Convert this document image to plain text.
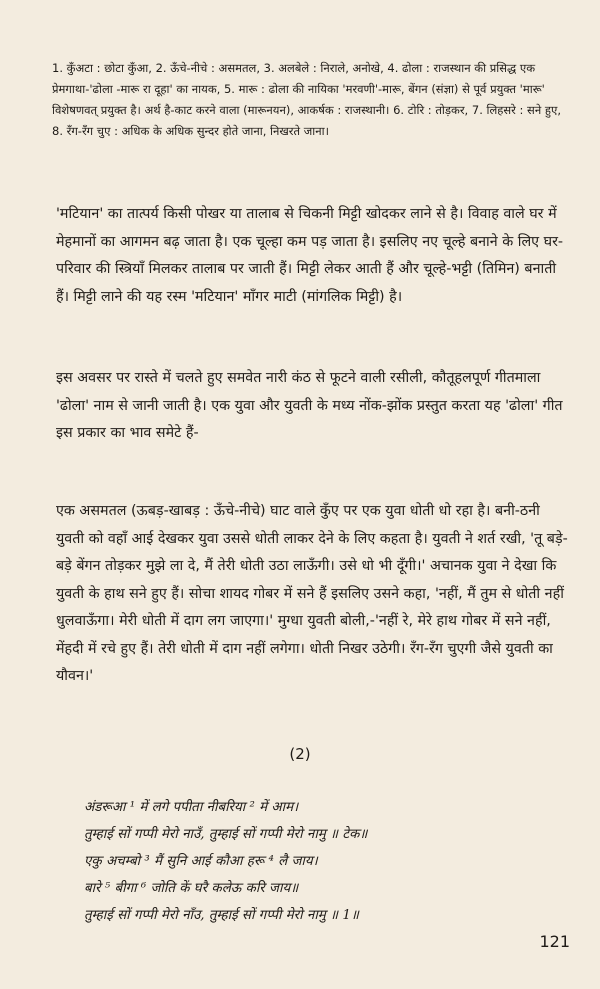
1. कुँअटा : छोटा कुँआ, 2. ऊँचे-नीचे : असमतल, 3. अलबेले : निराले, अनोखे, 4. ढोला : राजस्थान की प्रसिद्ध एक प्रेमगाथा-'ढोला -मारू रा दूहा' का नायक, 5. मारू : ढोला की नायिका 'मरवणी'-मारू, बेंगन (संज्ञा) से पूर्व प्रयुक्त 'मारू' विशेषणवत् प्रयुक्त है। अर्थ है-काट करने वाला (मारूनयन), आकर्षक : राजस्थानी। 6. टोरि : तोड़कर, 7. लिहसरे : सने हुए, 8. रँग-रँग चुए : अधिक के अधिक सुन्दर होते जाना, निखरते जाना।

'मटियान' का तात्पर्य किसी पोखर या तालाब से चिकनी मिट्टी खोदकर लाने से है। विवाह वाले घर में मेहमानों का आगमन बढ़ जाता है। एक चूल्हा कम पड़ जाता है। इसलिए नए चूल्हे बनाने के लिए घर-परिवार की स्त्रियाँ मिलकर तालाब पर जाती हैं। मिट्टी लेकर आती हैं और चूल्हे-भट्टी (तिमिन) बनाती हैं। मिट्टी लाने की यह रस्म 'मटियान' माँगर माटी (मांगलिक मिट्टी) है।

इस अवसर पर रास्ते में चलते हुए समवेत नारी कंठ से फूटने वाली रसीली, कौतूहलपूर्ण गीतमाला 'ढोला' नाम से जानी जाती है। एक युवा और युवती के मध्य नोंक-झोंक प्रस्तुत करता यह 'ढोला' गीत इस प्रकार का भाव समेटे हैं-

एक असमतल (ऊबड़-खाबड़ : ऊँचे-नीचे) घाट वाले कुँए पर एक युवा धोती धो रहा है। बनी-ठनी युवती को वहाँ आई देखकर युवा उससे धोती लाकर देने के लिए कहता है। युवती ने शर्त रखी, 'तू बड़े-बड़े बेंगन तोड़कर मुझे ला दे, मैं तेरी धोती उठा लाऊँगी। उसे धो भी दूँगी।' अचानक युवा ने देखा कि युवती के हाथ सने हुए हैं। सोचा शायद गोबर में सने हैं इसलिए उसने कहा, 'नहीं, मैं तुम से धोती नहीं धुलवाऊँगा। मेरी धोती में दाग लग जाएगा।' मुग्धा युवती बोली,-'नहीं रे, मेरे हाथ गोबर में सने नहीं, मेंहदी में रचे हुए हैं। तेरी धोती में दाग नहीं लगेगा। धोती निखर उठेगी। रँग-रँग चुएगी जैसे युवती का यौवन।'

(2)

अंडरूआ ¹ में लगे पपीता नीबरिया ² में आम।
तुम्हाई सों गप्पी मेरो नाउँ, तुम्हाई सों गप्पी मेरो नामु ॥ टेक॥
एकु अचम्बो ³ मैं सुनि आई कौआ हरू ⁴ लै जाय।
बारे ⁵ बीगा ⁶ जोति कें घरै कलेऊ करि जाय॥
तुम्हाई सों गप्पी मेरो नाँउ, तुम्हाई सों गप्पी मेरो नामु ॥ 1॥

121
